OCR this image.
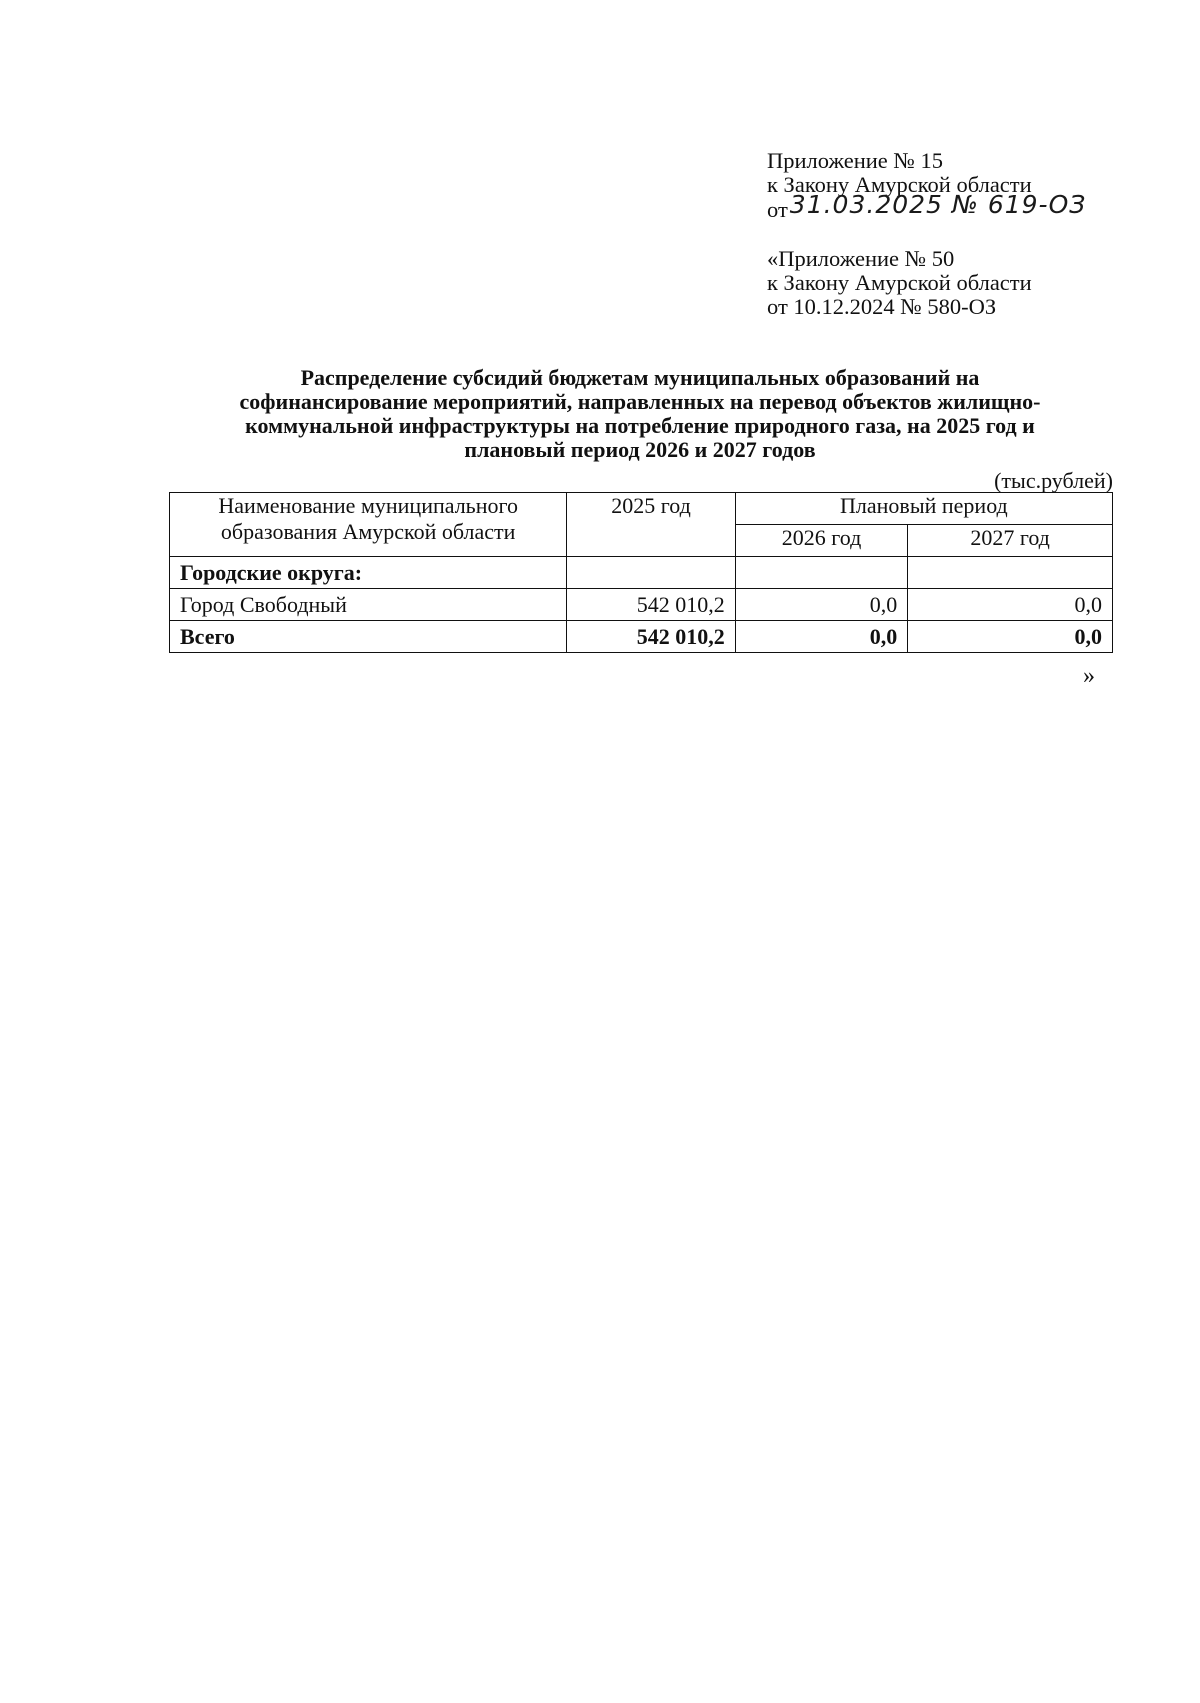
Приложение № 15
к Закону Амурской области
от31.03.2025 № 619-ОЗ
«Приложение № 50
к Закону Амурской области
от 10.12.2024 № 580-ОЗ
Распределение субсидий бюджетам муниципальных образований на
софинансирование мероприятий, направленных на перевод объектов жилищно-
коммунальной инфраструктуры на потребление природного газа, на 2025 год и
плановый период 2026 и 2027 годов
(тыс.рублей)
Наименование муниципального
образования Амурской области	2025 год	Плановый период	
		2026 год	2027 год
Городские округа:			
Город Свободный	542 010,2	0,0	0,0
Всего	542 010,2	0,0	0,0
»
